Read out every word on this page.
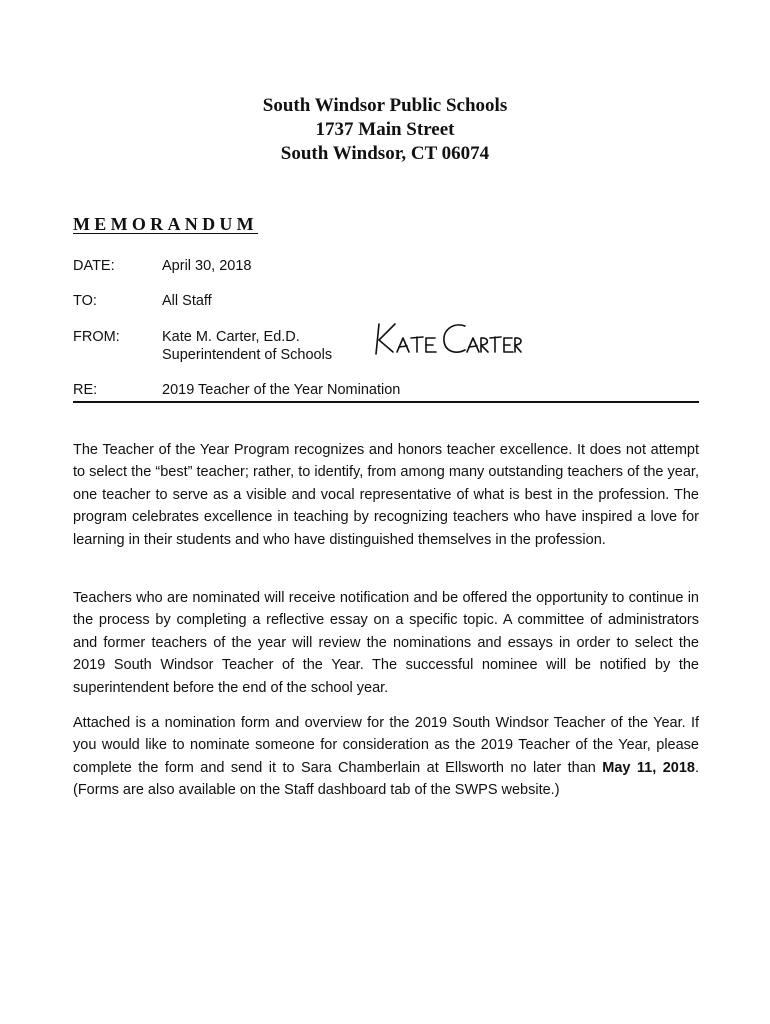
South Windsor Public Schools
1737 Main Street
South Windsor, CT 06074
MEMORANDUM
DATE:	April 30, 2018
TO:	All Staff
FROM:	Kate M. Carter, Ed.D.
Superintendent of Schools
RE:	2019 Teacher of the Year Nomination

The Teacher of the Year Program recognizes and honors teacher excellence. It does not attempt to select the “best” teacher; rather, to identify, from among many outstanding teachers of the year, one teacher to serve as a visible and vocal representative of what is best in the profession. The program celebrates excellence in teaching by recognizing teachers who have inspired a love for learning in their students and who have distinguished themselves in the profession.

Teachers who are nominated will receive notification and be offered the opportunity to continue in the process by completing a reflective essay on a specific topic. A committee of administrators and former teachers of the year will review the nominations and essays in order to select the 2019 South Windsor Teacher of the Year. The successful nominee will be notified by the superintendent before the end of the school year.

Attached is a nomination form and overview for the 2019 South Windsor Teacher of the Year. If you would like to nominate someone for consideration as the 2019 Teacher of the Year, please complete the form and send it to Sara Chamberlain at Ellsworth no later than May 11, 2018. (Forms are also available on the Staff dashboard tab of the SWPS website.)
